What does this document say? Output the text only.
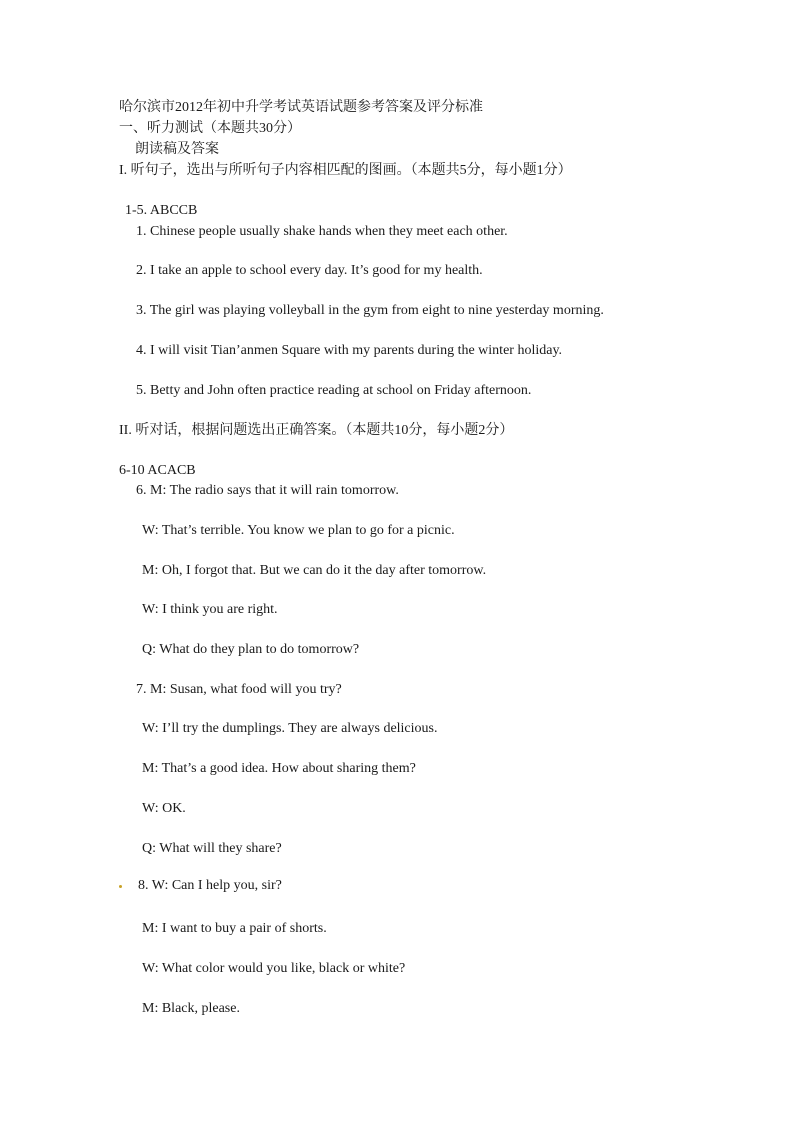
哈尔滨市2012年初中升学考试英语试题参考答案及评分标准
一、听力测试（本题共30分）
朗读稿及答案
I. 听句子，选出与所听句子内容相匹配的图画。（本题共5分，每小题1分）
1-5. ABCCB
1. Chinese people usually shake hands when they meet each other.
2. I take an apple to school every day. It’s good for my health.
3. The girl was playing volleyball in the gym from eight to nine yesterday morning.
4. I will visit Tian’anmen Square with my parents during the winter holiday.
5. Betty and John often practice reading at school on Friday afternoon.
II. 听对话，根据问题选出正确答案。（本题共10分，每小题2分）
6-10 ACACB
6. M: The radio says that it will rain tomorrow.
W: That’s terrible. You know we plan to go for a picnic.
M: Oh, I forgot that. But we can do it the day after tomorrow.
W: I think you are right.
Q: What do they plan to do tomorrow?
7. M: Susan, what food will you try?
W: I’ll try the dumplings. They are always delicious.
M: That’s a good idea. How about sharing them?
W: OK.
Q: What will they share?
8. W: Can I help you, sir?
M: I want to buy a pair of shorts.
W: What color would you like, black or white?
M: Black, please.
